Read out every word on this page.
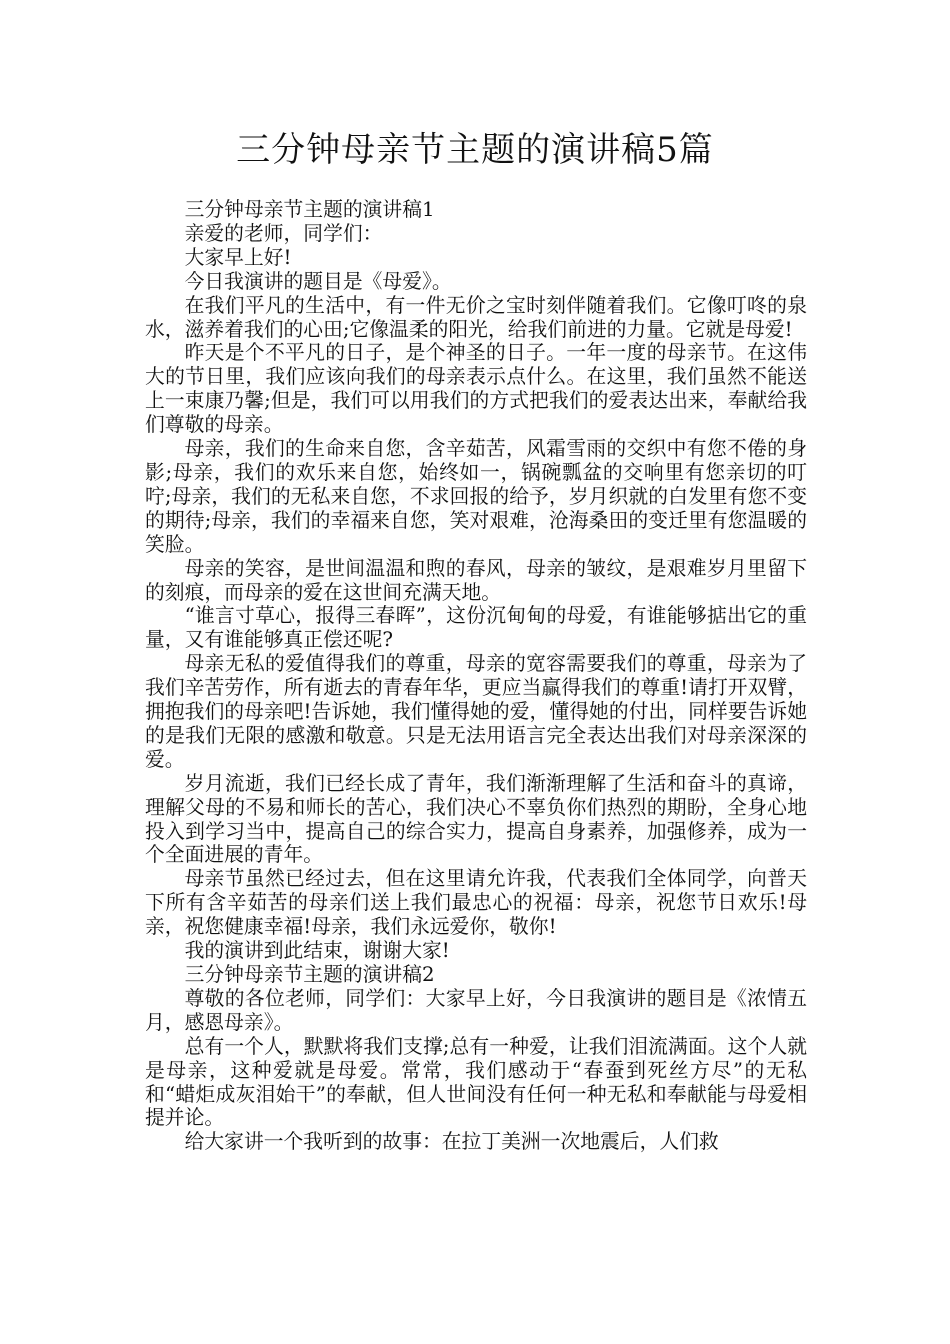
三分钟母亲节主题的演讲稿5篇

三分钟母亲节主题的演讲稿1

亲爱的老师，同学们：

大家早上好!

今日我演讲的题目是《母爱》。

在我们平凡的生活中，有一件无价之宝时刻伴随着我们。它像叮咚的泉水，滋养着我们的心田;它像温柔的阳光，给我们前进的力量。它就是母爱!

昨天是个不平凡的日子，是个神圣的日子。一年一度的母亲节。在这伟大的节日里，我们应该向我们的母亲表示点什么。在这里，我们虽然不能送上一束康乃馨;但是，我们可以用我们的方式把我们的爱表达出来，奉献给我们尊敬的母亲。

母亲，我们的生命来自您，含辛茹苦，风霜雪雨的交织中有您不倦的身影;母亲，我们的欢乐来自您，始终如一，锅碗瓢盆的交响里有您亲切的叮咛;母亲，我们的无私来自您，不求回报的给予，岁月织就的白发里有您不变的期待;母亲，我们的幸福来自您，笑对艰难，沧海桑田的变迁里有您温暖的笑脸。

母亲的笑容，是世间温温和煦的春风，母亲的皱纹，是艰难岁月里留下的刻痕，而母亲的爱在这世间充满天地。

“谁言寸草心，报得三春晖”，这份沉甸甸的母爱，有谁能够掂出它的重量，又有谁能够真正偿还呢?

母亲无私的爱值得我们的尊重，母亲的宽容需要我们的尊重，母亲为了我们辛苦劳作，所有逝去的青春年华，更应当赢得我们的尊重!请打开双臂，拥抱我们的母亲吧!告诉她，我们懂得她的爱，懂得她的付出，同样要告诉她的是我们无限的感激和敬意。只是无法用语言完全表达出我们对母亲深深的爱。

岁月流逝，我们已经长成了青年，我们渐渐理解了生活和奋斗的真谛，理解父母的不易和师长的苦心，我们决心不辜负你们热烈的期盼，全身心地投入到学习当中，提高自己的综合实力，提高自身素养，加强修养，成为一个全面进展的青年。

母亲节虽然已经过去，但在这里请允许我，代表我们全体同学，向普天下所有含辛茹苦的母亲们送上我们最忠心的祝福：母亲，祝您节日欢乐!母亲，祝您健康幸福!母亲，我们永远爱你，敬你!

我的演讲到此结束，谢谢大家!

三分钟母亲节主题的演讲稿2

尊敬的各位老师，同学们：大家早上好，今日我演讲的题目是《浓情五月，感恩母亲》。

总有一个人，默默将我们支撑;总有一种爱，让我们泪流满面。这个人就是母亲，这种爱就是母爱。常常，我们感动于“春蚕到死丝方尽”的无私和“蜡炬成灰泪始干”的奉献，但人世间没有任何一种无私和奉献能与母爱相提并论。

给大家讲一个我听到的故事：在拉丁美洲一次地震后，人们救
